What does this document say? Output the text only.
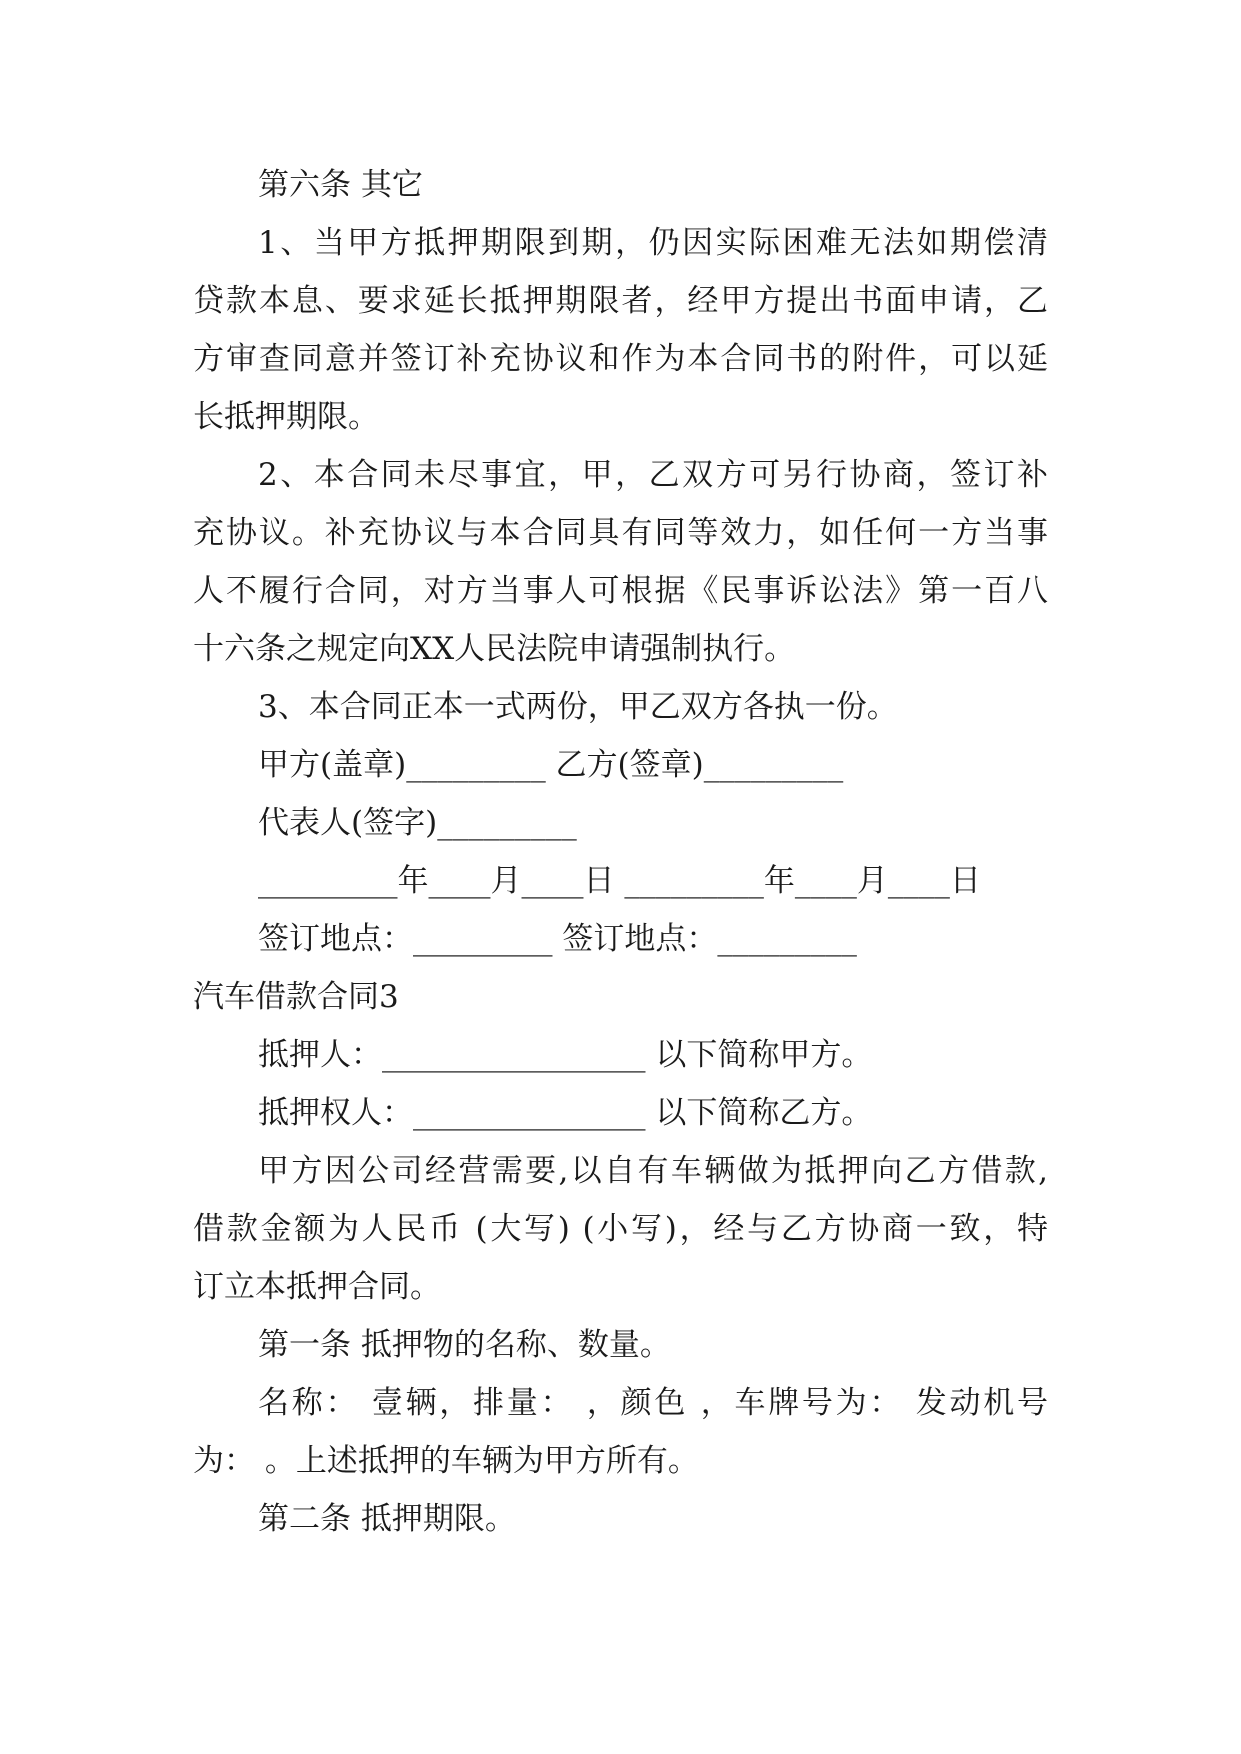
第六条 其它
1、当甲方抵押期限到期，仍因实际困难无法如期偿清
贷款本息、要求延长抵押期限者，经甲方提出书面申请，乙
方审查同意并签订补充协议和作为本合同书的附件，可以延
长抵押期限。
2、本合同未尽事宜，甲，乙双方可另行协商，签订补
充协议。补充协议与本合同具有同等效力，如任何一方当事
人不履行合同，对方当事人可根据《民事诉讼法》第一百八
十六条之规定向XX人民法院申请强制执行。
3、本合同正本一式两份，甲乙双方各执一份。
甲方(盖章)_________ 乙方(签章)_________
代表人(签字)_________
_________年____月____日 _________年____月____日
签订地点：_________ 签订地点：_________
汽车借款合同3
抵押人：_________________ 以下简称甲方。
抵押权人：_______________ 以下简称乙方。
甲方因公司经营需要,以自有车辆做为抵押向乙方借款,
借款金额为人民币 (大写) (小写)，经与乙方协商一致，特
订立本抵押合同。
第一条 抵押物的名称、数量。
名称： 壹辆，排量： ，颜色 ，车牌号为： 发动机号
为： 。上述抵押的车辆为甲方所有。
第二条 抵押期限。
